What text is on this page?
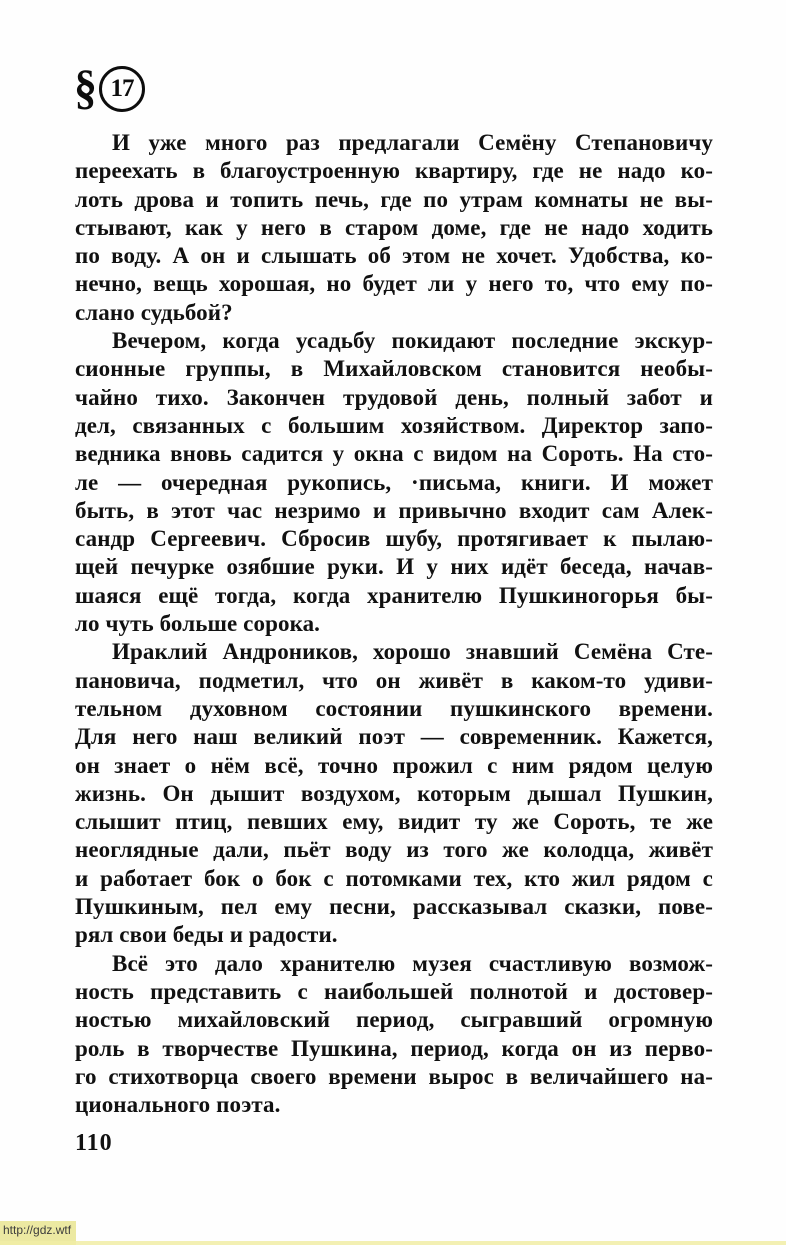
§ 17
И уже много раз предлагали Семёну Степановичу
переехать в благоустроенную квартиру, где не надо ко-
лоть дрова и топить печь, где по утрам комнаты не вы-
стывают, как у него в старом доме, где не надо ходить
по воду. А он и слышать об этом не хочет. Удобства, ко-
нечно, вещь хорошая, но будет ли у него то, что ему по-
слано судьбой?
Вечером, когда усадьбу покидают последние экскур-
сионные группы, в Михайловском становится необы-
чайно тихо. Закончен трудовой день, полный забот и
дел, связанных с большим хозяйством. Директор запо-
ведника вновь садится у окна с видом на Сороть. На сто-
ле — очередная рукопись, ·письма, книги. И может
быть, в этот час незримо и привычно входит сам Алек-
сандр Сергеевич. Сбросив шубу, протягивает к пылаю-
щей печурке озябшие руки. И у них идёт беседа, начав-
шаяся ещё тогда, когда хранителю Пушкиногорья бы-
ло чуть больше сорока.
Ираклий Андроников, хорошо знавший Семёна Сте-
пановича, подметил, что он живёт в каком-то удиви-
тельном духовном состоянии пушкинского времени.
Для него наш великий поэт — современник. Кажется,
он знает о нём всё, точно прожил с ним рядом целую
жизнь. Он дышит воздухом, которым дышал Пушкин,
слышит птиц, певших ему, видит ту же Сороть, те же
неоглядные дали, пьёт воду из того же колодца, живёт
и работает бок о бок с потомками тех, кто жил рядом с
Пушкиным, пел ему песни, рассказывал сказки, пове-
рял свои беды и радости.
Всё это дало хранителю музея счастливую возмож-
ность представить с наибольшей полнотой и достовер-
ностью михайловский период, сыгравший огромную
роль в творчестве Пушкина, период, когда он из перво-
го стихотворца своего времени вырос в величайшего на-
ционального поэта.
110
http://gdz.wtf
